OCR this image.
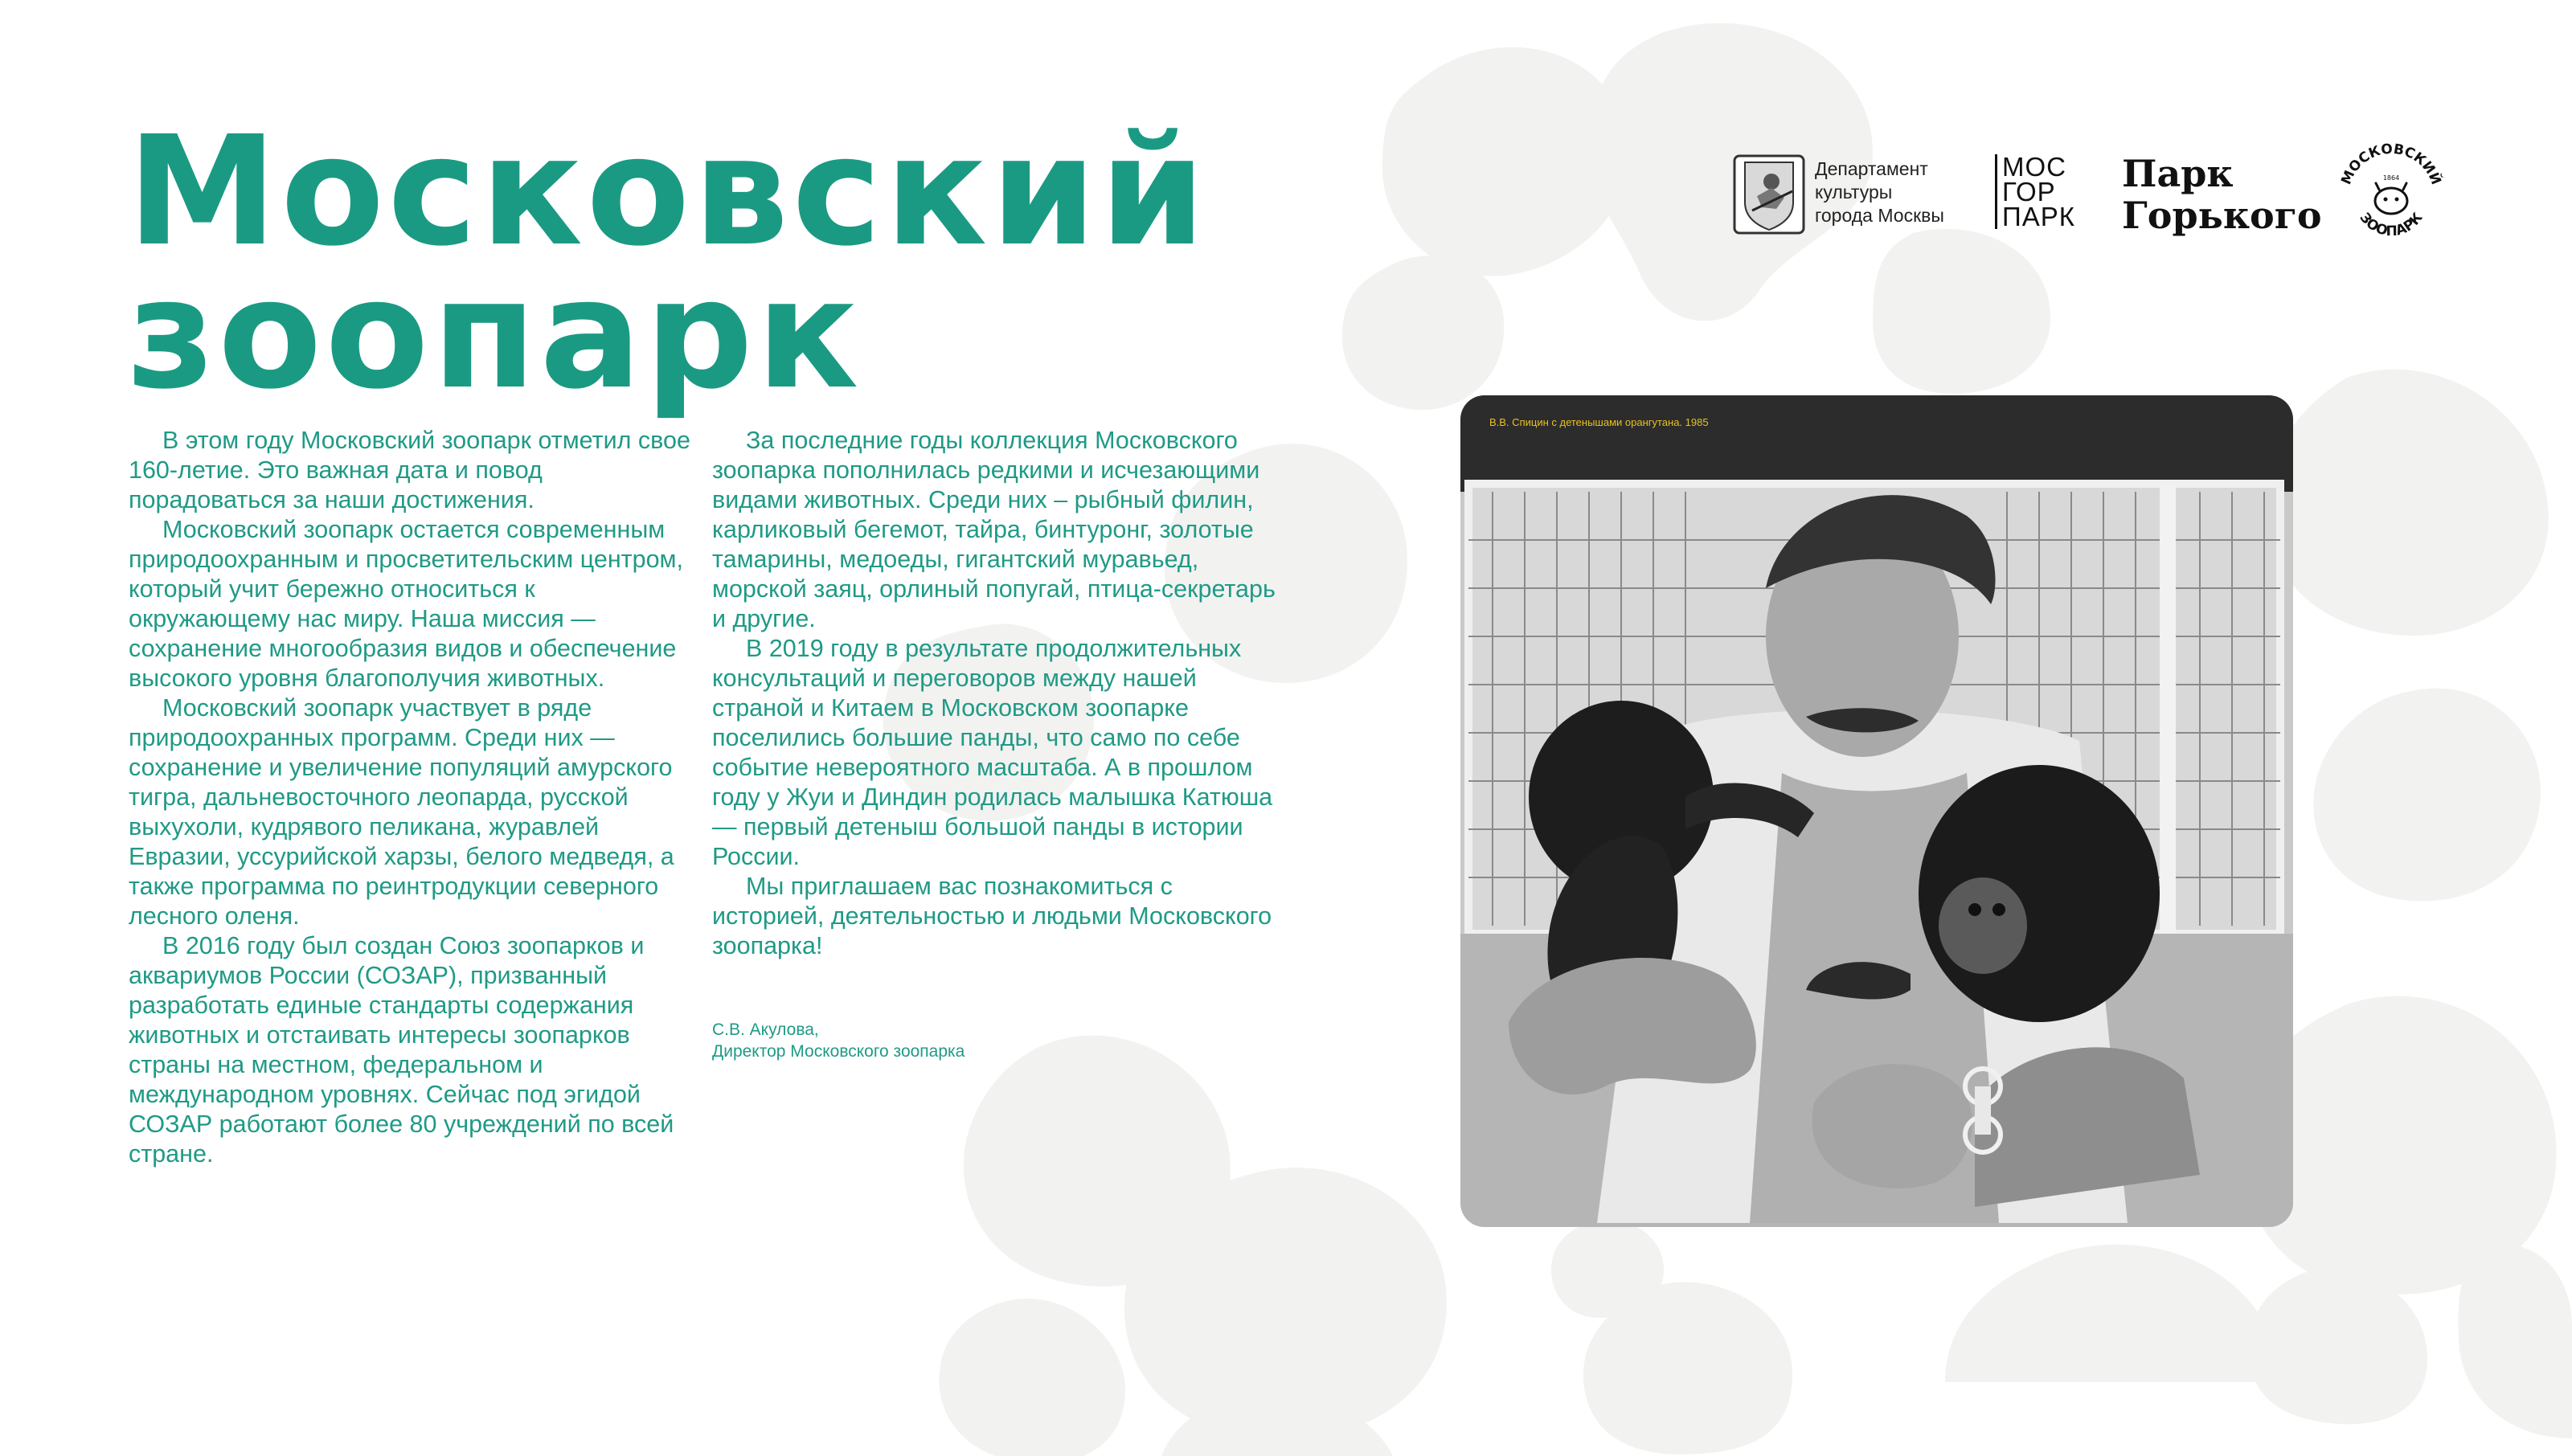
Московский
зоопарк
Департамент
культуры
города Москвы
МОС
ГОР
ПАРК
Парк
Горького
МОСКОВСКИЙ
ЗООПАРК
1864

В этом году Московский зоопарк отметил свое 160-летие. Это важная дата и повод порадоваться за наши достижения.

Московский зоопарк остается современным природоохранным и просветительским центром, который учит бережно относиться к окружающему нас миру. Наша миссия — сохранение многообразия видов и обеспечение высокого уровня благополучия животных.

Московский зоопарк участвует в ряде природоохранных программ. Среди них — сохранение и увеличение популяций амурского тигра, дальневосточного леопарда, русской выхухоли, кудрявого пеликана, журавлей Евразии, уссурийской харзы, белого медведя, а также программа по реинтродукции северного лесного оленя.

В 2016 году был создан Союз зоопарков и аквариумов России (СОЗАР), призванный разработать единые стандарты содержания животных и отстаивать интересы зоопарков страны на местном, федеральном и международном уровнях. Сейчас под эгидой СОЗАР работают более 80 учреждений по всей стране.

За последние годы коллекция Московского зоопарка пополнилась редкими и исчезающими видами животных. Среди них – рыбный филин, карликовый бегемот, тайра, бинтуронг, золотые тамарины, медоеды, гигантский муравьед, морской заяц, орлиный попугай, птица-секретарь и другие.

В 2019 году в результате продолжительных консультаций и переговоров между нашей страной и Китаем в Московском зоопарке поселились большие панды, что само по себе событие невероятного масштаба. А в прошлом году у Жуи и Диндин родилась малышка Катюша — первый детеныш большой панды в истории России.

Мы приглашаем вас познакомиться с историей, деятельностью и людьми Московского зоопарка!

С.В. Акулова,
Директор Московского зоопарка
В.В. Спицин с детенышами орангутана. 1985
